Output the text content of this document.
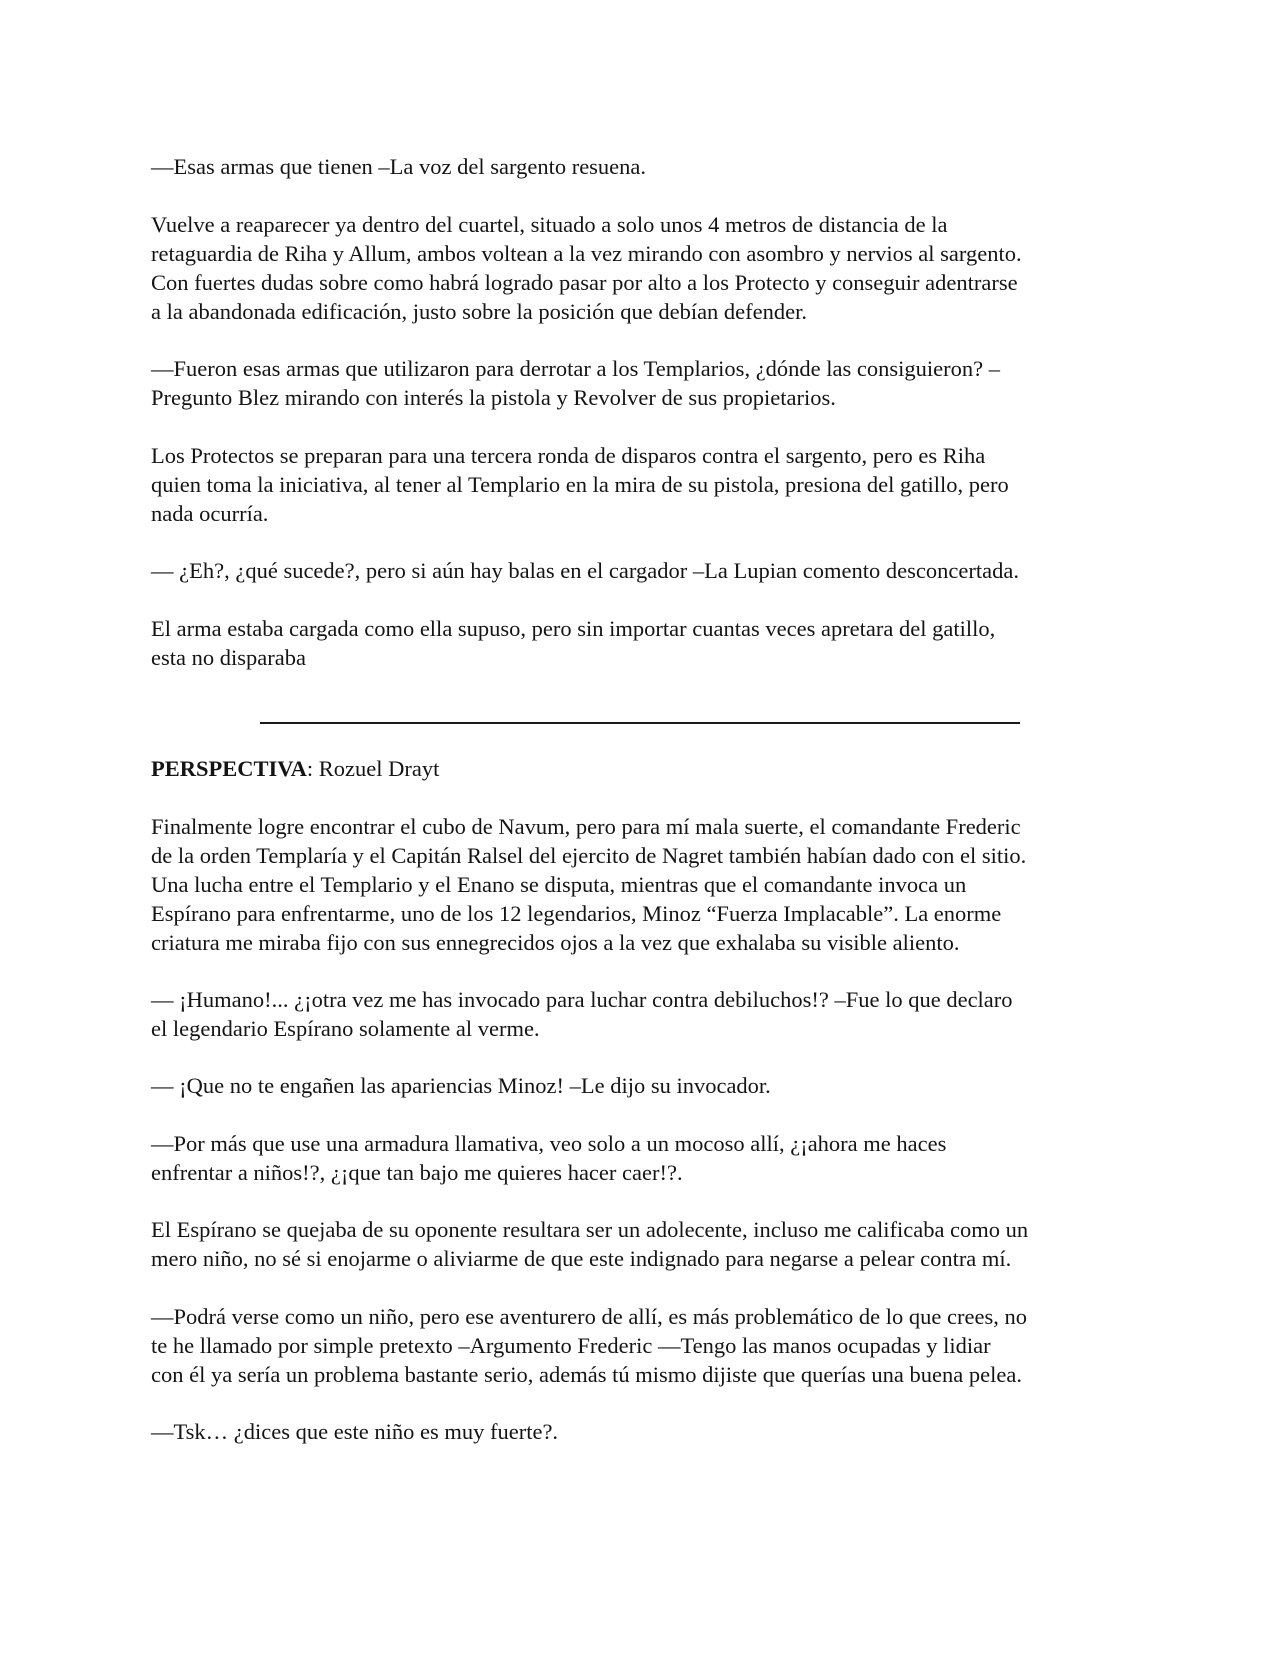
—Esas armas que tienen –La voz del sargento resuena.
Vuelve a reaparecer ya dentro del cuartel, situado a solo unos 4 metros de distancia de la
retaguardia de Riha y Allum, ambos voltean a la vez mirando con asombro y nervios al sargento.
Con fuertes dudas sobre como habrá logrado pasar por alto a los Protecto y conseguir adentrarse
a la abandonada edificación, justo sobre la posición que debían defender.
—Fueron esas armas que utilizaron para derrotar a los Templarios, ¿dónde las consiguieron? –
Pregunto Blez mirando con interés la pistola y Revolver de sus propietarios.
Los Protectos se preparan para una tercera ronda de disparos contra el sargento, pero es Riha
quien toma la iniciativa, al tener al Templario en la mira de su pistola, presiona del gatillo, pero
nada ocurría.
— ¿Eh?, ¿qué sucede?, pero si aún hay balas en el cargador –La Lupian comento desconcertada.
El arma estaba cargada como ella supuso, pero sin importar cuantas veces apretara del gatillo,
esta no disparaba
PERSPECTIVA: Rozuel Drayt
Finalmente logre encontrar el cubo de Navum, pero para mí mala suerte, el comandante Frederic
de la orden Templaría y el Capitán Ralsel del ejercito de Nagret también habían dado con el sitio.
Una lucha entre el Templario y el Enano se disputa, mientras que el comandante invoca un
Espírano para enfrentarme, uno de los 12 legendarios, Minoz “Fuerza Implacable”. La enorme
criatura me miraba fijo con sus ennegrecidos ojos a la vez que exhalaba su visible aliento.
— ¡Humano!... ¿¡otra vez me has invocado para luchar contra debiluchos!? –Fue lo que declaro
el legendario Espírano solamente al verme.
— ¡Que no te engañen las apariencias Minoz! –Le dijo su invocador.
—Por más que use una armadura llamativa, veo solo a un mocoso allí, ¿¡ahora me haces
enfrentar a niños!?, ¿¡que tan bajo me quieres hacer caer!?.
El Espírano se quejaba de su oponente resultara ser un adolecente, incluso me calificaba como un
mero niño, no sé si enojarme o aliviarme de que este indignado para negarse a pelear contra mí.
—Podrá verse como un niño, pero ese aventurero de allí, es más problemático de lo que crees, no
te he llamado por simple pretexto –Argumento Frederic —Tengo las manos ocupadas y lidiar
con él ya sería un problema bastante serio, además tú mismo dijiste que querías una buena pelea.
—Tsk… ¿dices que este niño es muy fuerte?.
